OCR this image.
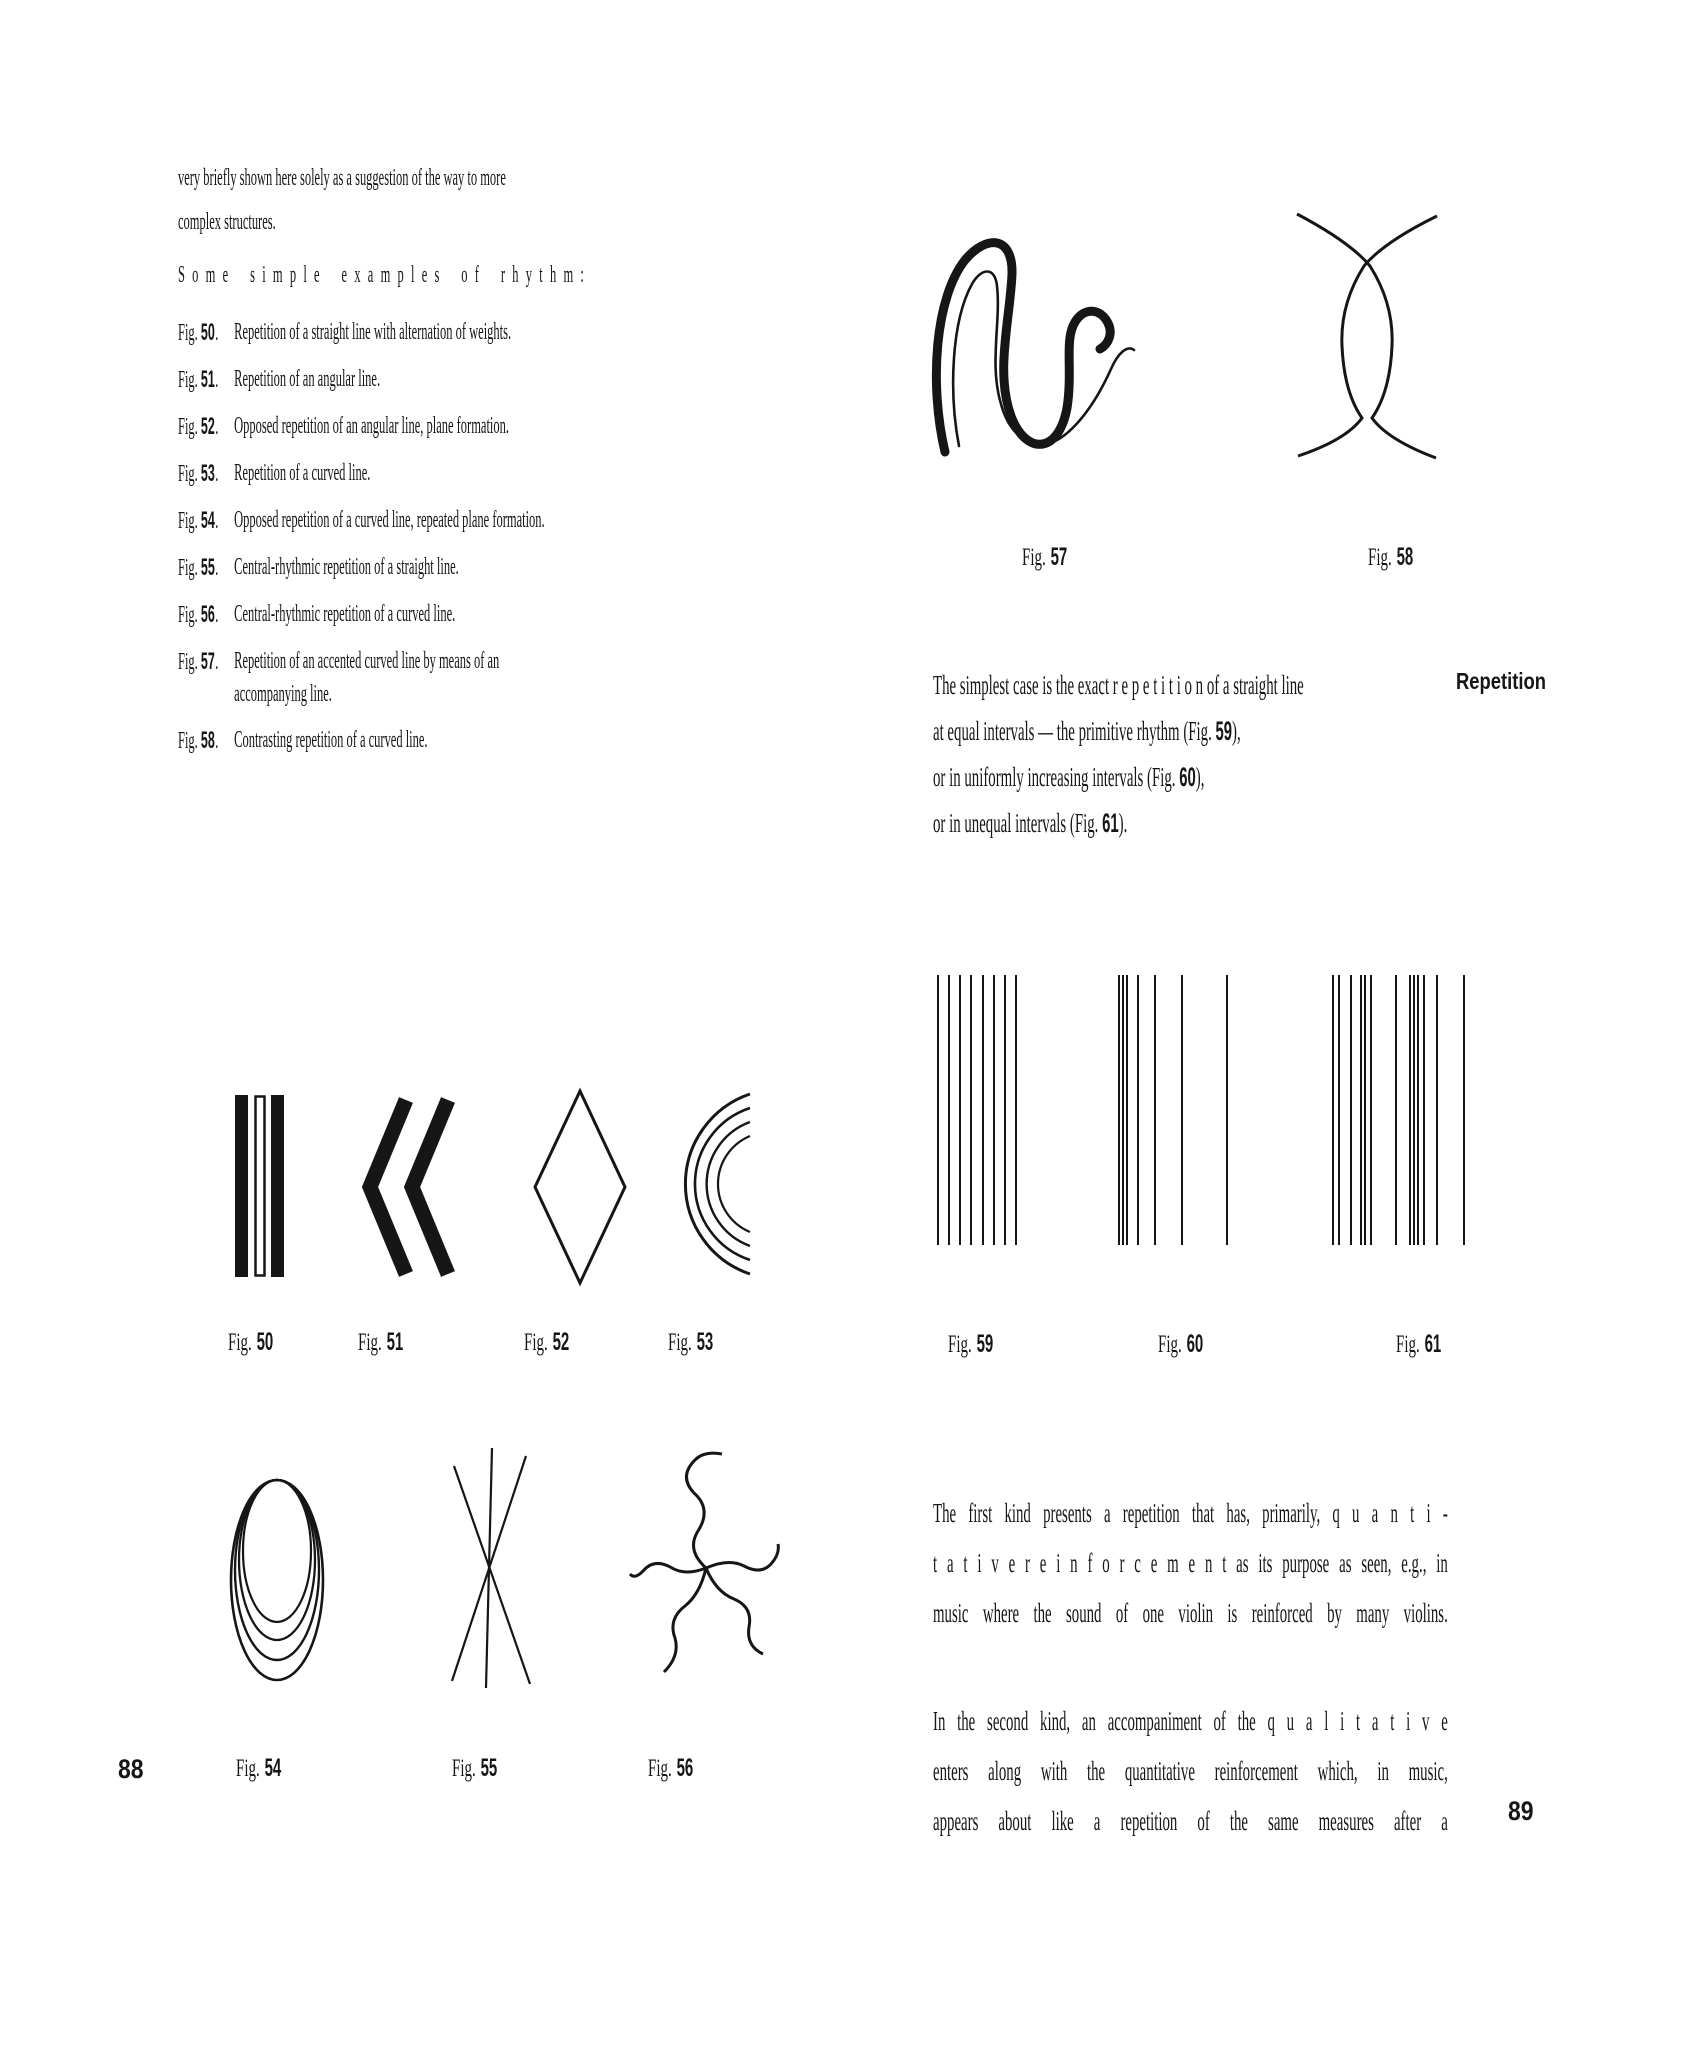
very briefly shown here solely as a suggestion of the way to more
complex structures.
Some simple examples of rhythm:
Fig. 50. Repetition of a straight line with alternation of weights.
Fig. 51. Repetition of an angular line.
Fig. 52. Opposed repetition of an angular line, plane formation.
Fig. 53. Repetition of a curved line.
Fig. 54. Opposed repetition of a curved line, repeated plane formation.
Fig. 55. Central-rhythmic repetition of a straight line.
Fig. 56. Central-rhythmic repetition of a curved line.
Fig. 57. Repetition of an accented curved line by means of an accompanying line.
Fig. 58. Contrasting repetition of a curved line.
Fig. 50	Fig. 51	Fig. 52	Fig. 53
88	Fig. 54	Fig. 55	Fig. 56
Fig. 57	Fig. 58
The simplest case is the exact r e p e t i t i o n of a straight line
at equal intervals — the primitive rhythm (Fig. 59),
or in uniformly increasing intervals (Fig. 60),
or in unequal intervals (Fig. 61).
Repetition
Fig. 59	Fig. 60	Fig. 61
The first kind presents a repetition that has, primarily, q u a n t i -
t a t i v e r e i n f o r c e m e n t as its purpose as seen, e.g., in
music where the sound of one violin is reinforced by many violins.
In the second kind, an accompaniment of the q u a l i t a t i v e
enters along with the quantitative reinforcement which, in music,
appears about like a repetition of the same measures after a 89
